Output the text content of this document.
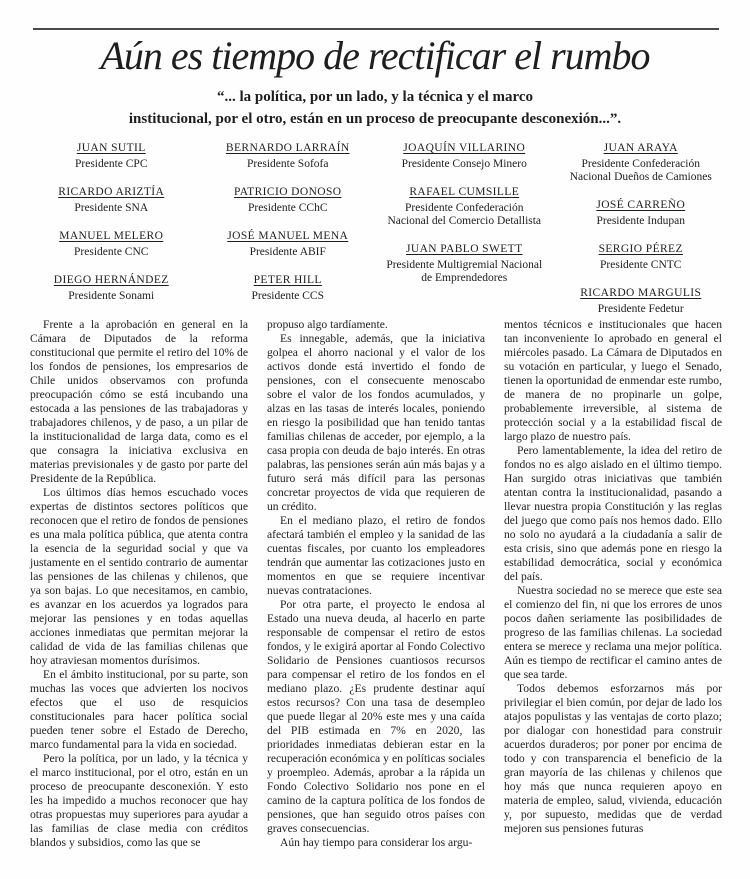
Aún es tiempo de rectificar el rumbo
“... la política, por un lado, y la técnica y el marco
institucional, por el otro, están en un proceso de preocupante desconexión...”.
JUAN SUTIL
Presidente CPC
RICARDO ARIZTÍA
Presidente SNA
MANUEL MELERO
Presidente CNC
DIEGO HERNÁNDEZ
Presidente Sonami
BERNARDO LARRAÍN
Presidente Sofofa
PATRICIO DONOSO
Presidente CChC
JOSÉ MANUEL MENA
Presidente ABIF
PETER HILL
Presidente CCS
JOAQUÍN VILLARINO
Presidente Consejo Minero
RAFAEL CUMSILLE
Presidente Confederación Nacional del Comercio Detallista
JUAN PABLO SWETT
Presidente Multigremial Nacional de Emprendedores
JUAN ARAYA
Presidente Confederación Nacional Dueños de Camiones
JOSÉ CARREÑO
Presidente Indupan
SERGIO PÉREZ
Presidente CNTC
RICARDO MARGULIS
Presidente Fedetur

Frente a la aprobación en general en la Cámara de Diputados de la reforma constitucional que permite el retiro del 10% de los fondos de pensiones, los empresarios de Chile unidos observamos con profunda preocupación cómo se está incubando una estocada a las pensiones de las trabajadoras y trabajadores chilenos, y de paso, a un pilar de la institucionalidad de larga data, como es el que consagra la iniciativa exclusiva en materias previsionales y de gasto por parte del Presidente de la República.

Los últimos días hemos escuchado voces expertas de distintos sectores políticos que reconocen que el retiro de fondos de pensiones es una mala política pública, que atenta contra la esencia de la seguridad social y que va justamente en el sentido contrario de aumentar las pensiones de las chilenas y chilenos, que ya son bajas. Lo que necesitamos, en cambio, es avanzar en los acuerdos ya logrados para mejorar las pensiones y en todas aquellas acciones inmediatas que permitan mejorar la calidad de vida de las familias chilenas que hoy atraviesan momentos durísimos.

En el ámbito institucional, por su parte, son muchas las voces que advierten los nocivos efectos que el uso de resquicios constitucionales para hacer política social pueden tener sobre el Estado de Derecho, marco fundamental para la vida en sociedad.

Pero la política, por un lado, y la técnica y el marco institucional, por el otro, están en un proceso de preocupante desconexión. Y esto les ha impedido a muchos reconocer que hay otras propuestas muy superiores para ayudar a las familias de clase media con créditos blandos y subsidios, como las que se

propuso algo tardíamente.

Es innegable, además, que la iniciativa golpea el ahorro nacional y el valor de los activos donde está invertido el fondo de pensiones, con el consecuente menoscabo sobre el valor de los fondos acumulados, y alzas en las tasas de interés locales, poniendo en riesgo la posibilidad que han tenido tantas familias chilenas de acceder, por ejemplo, a la casa propia con deuda de bajo interés. En otras palabras, las pensiones serán aún más bajas y a futuro será más difícil para las personas concretar proyectos de vida que requieren de un crédito.

En el mediano plazo, el retiro de fondos afectará también el empleo y la sanidad de las cuentas fiscales, por cuanto los empleadores tendrán que aumentar las cotizaciones justo en momentos en que se requiere incentivar nuevas contrataciones.

Por otra parte, el proyecto le endosa al Estado una nueva deuda, al hacerlo en parte responsable de compensar el retiro de estos fondos, y le exigirá aportar al Fondo Colectivo Solidario de Pensiones cuantiosos recursos para compensar el retiro de los fondos en el mediano plazo. ¿Es prudente destinar aquí estos recursos? Con una tasa de desempleo que puede llegar al 20% este mes y una caída del PIB estimada en 7% en 2020, las prioridades inmediatas debieran estar en la recuperación económica y en políticas sociales y proempleo. Además, aprobar a la rápida un Fondo Colectivo Solidario nos pone en el camino de la captura política de los fondos de pensiones, que han seguido otros países con graves consecuencias.

Aún hay tiempo para considerar los argu-

mentos técnicos e institucionales que hacen tan inconveniente lo aprobado en general el miércoles pasado. La Cámara de Diputados en su votación en particular, y luego el Senado, tienen la oportunidad de enmendar este rumbo, de manera de no propinarle un golpe, probablemente irreversible, al sistema de protección social y a la estabilidad fiscal de largo plazo de nuestro país.

Pero lamentablemente, la idea del retiro de fondos no es algo aislado en el último tiempo. Han surgido otras iniciativas que también atentan contra la institucionalidad, pasando a llevar nuestra propia Constitución y las reglas del juego que como país nos hemos dado. Ello no solo no ayudará a la ciudadanía a salir de esta crisis, sino que además pone en riesgo la estabilidad democrática, social y económica del país.

Nuestra sociedad no se merece que este sea el comienzo del fin, ni que los errores de unos pocos dañen seriamente las posibilidades de progreso de las familias chilenas. La sociedad entera se merece y reclama una mejor política. Aún es tiempo de rectificar el camino antes de que sea tarde.

Todos debemos esforzarnos más por privilegiar el bien común, por dejar de lado los atajos populistas y las ventajas de corto plazo; por dialogar con honestidad para construir acuerdos duraderos; por poner por encima de todo y con transparencia el beneficio de la gran mayoría de las chilenas y chilenos que hoy más que nunca requieren apoyo en materia de empleo, salud, vivienda, educación y, por supuesto, medidas que de verdad mejoren sus pensiones futuras
